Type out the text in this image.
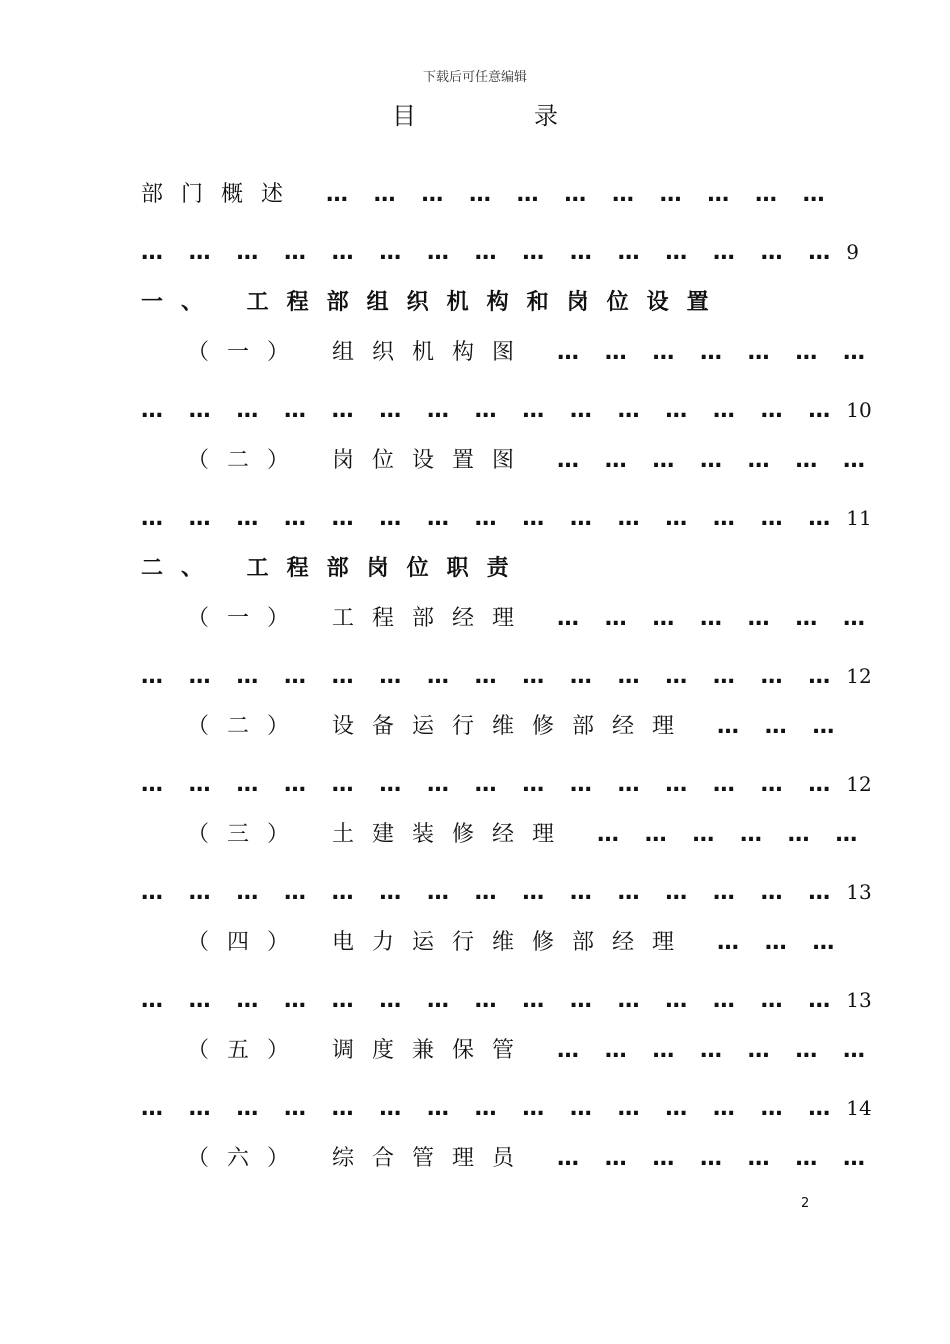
下载后可任意编辑
目录
部门概述 … … … … … … … … … … …
… … … … … … … … … … … … … … … 9
一、 工程部组织机构和岗位设置
（一） 组织机构图 … … … … … … …
… … … … … … … … … … … … … … … 10
（二） 岗位设置图 … … … … … … …
… … … … … … … … … … … … … … … 11
二、 工程部岗位职责
（一） 工程部经理 … … … … … … …
… … … … … … … … … … … … … … … 12
（二） 设备运行维修部经理 … … …
… … … … … … … … … … … … … … … 12
（三） 土建装修经理 … … … … … …
… … … … … … … … … … … … … … … 13
（四） 电力运行维修部经理 … … …
… … … … … … … … … … … … … … … 13
（五） 调度兼保管 … … … … … … …
… … … … … … … … … … … … … … … 14
（六） 综合管理员 … … … … … … …
2
